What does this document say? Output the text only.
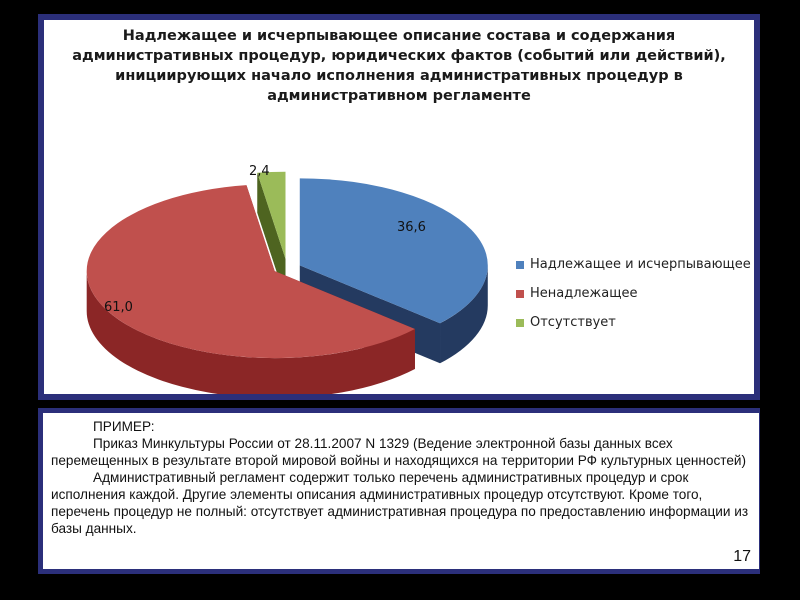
Надлежащее и исчерпывающее описание состава и содержания
административных процедур, юридических фактов (событий или действий),
инициирующих начало исполнения административных процедур в
административном регламенте
36,6
61,0
2,4
Надлежащее и исчерпывающее
Ненадлежащее
Отсутствует

ПРИМЕР:

Приказ Минкультуры России от 28.11.2007 N 1329 (Ведение электронной базы данных всех перемещенных в результате второй мировой войны и находящихся на территории РФ культурных ценностей)

Административный регламент содержит только перечень административных процедур и срок исполнения каждой. Другие элементы описания административных процедур отсутствуют. Кроме того, перечень процедур не полный: отсутствует административная процедура по предоставлению информации из базы данных.

17
